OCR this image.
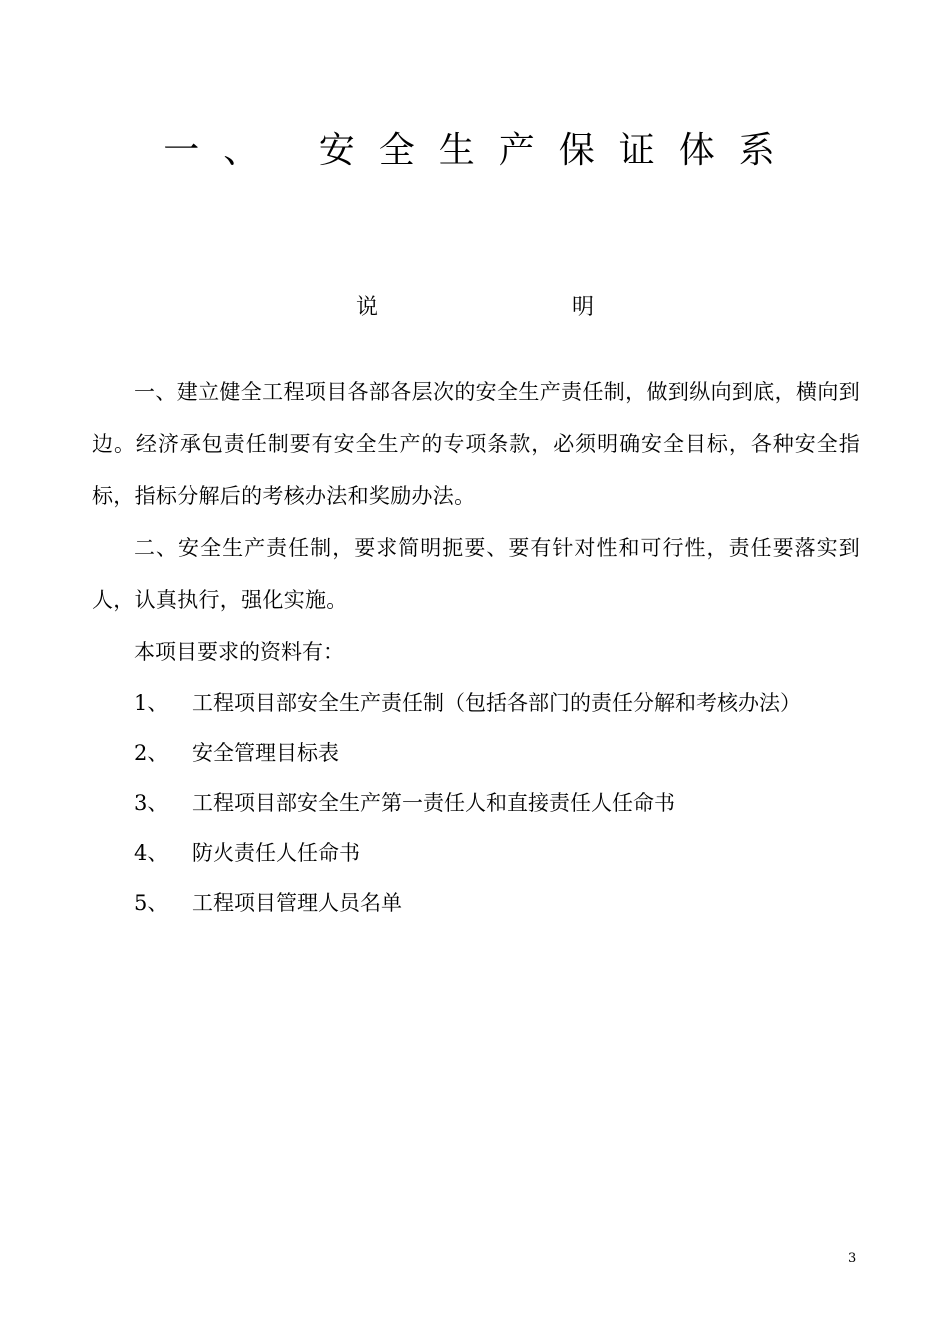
一、 安全生产保证体系
说	明

一、建立健全工程项目各部各层次的安全生产责任制，做到纵向到底，横向到边。经济承包责任制要有安全生产的专项条款，必须明确安全目标，各种安全指标，指标分解后的考核办法和奖励办法。

二、安全生产责任制，要求简明扼要、要有针对性和可行性，责任要落实到人，认真执行，强化实施。

本项目要求的资料有：

1、 工程项目部安全生产责任制（包括各部门的责任分解和考核办法）

2、 安全管理目标表

3、 工程项目部安全生产第一责任人和直接责任人任命书

4、 防火责任人任命书

5、 工程项目管理人员名单

3
